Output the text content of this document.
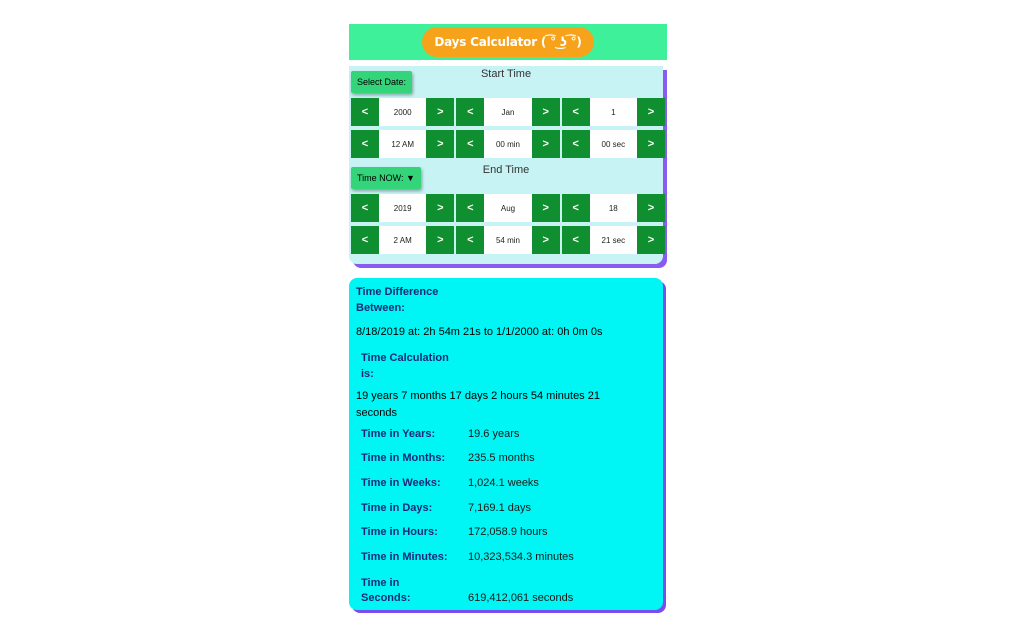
Days Calculator ( ͡° ͜ʖ ͡°)
Start Time
Select Date:
<	2000	>	<	Jan	>	<	1	>
<	12 AM	>	<	00 min	>	<	00 sec	>
End Time
Time NOW: ▼
<	2019	>	<	Aug	>	<	18	>
<	2 AM	>	<	54 min	>	<	21 sec	>
Time Difference
Between:
8/18/2019 at: 2h 54m 21s to 1/1/2000 at: 0h 0m 0s
Time Calculation
is:
19 years 7 months 17 days 2 hours 54 minutes 21
seconds
Time in Years:	19.6 years
Time in Months:	235.5 months
Time in Weeks:	1,024.1 weeks
Time in Days:	7,169.1 days
Time in Hours:	172,058.9 hours
Time in Minutes:	10,323,534.3 minutes
Time in
Seconds:	619,412,061 seconds
